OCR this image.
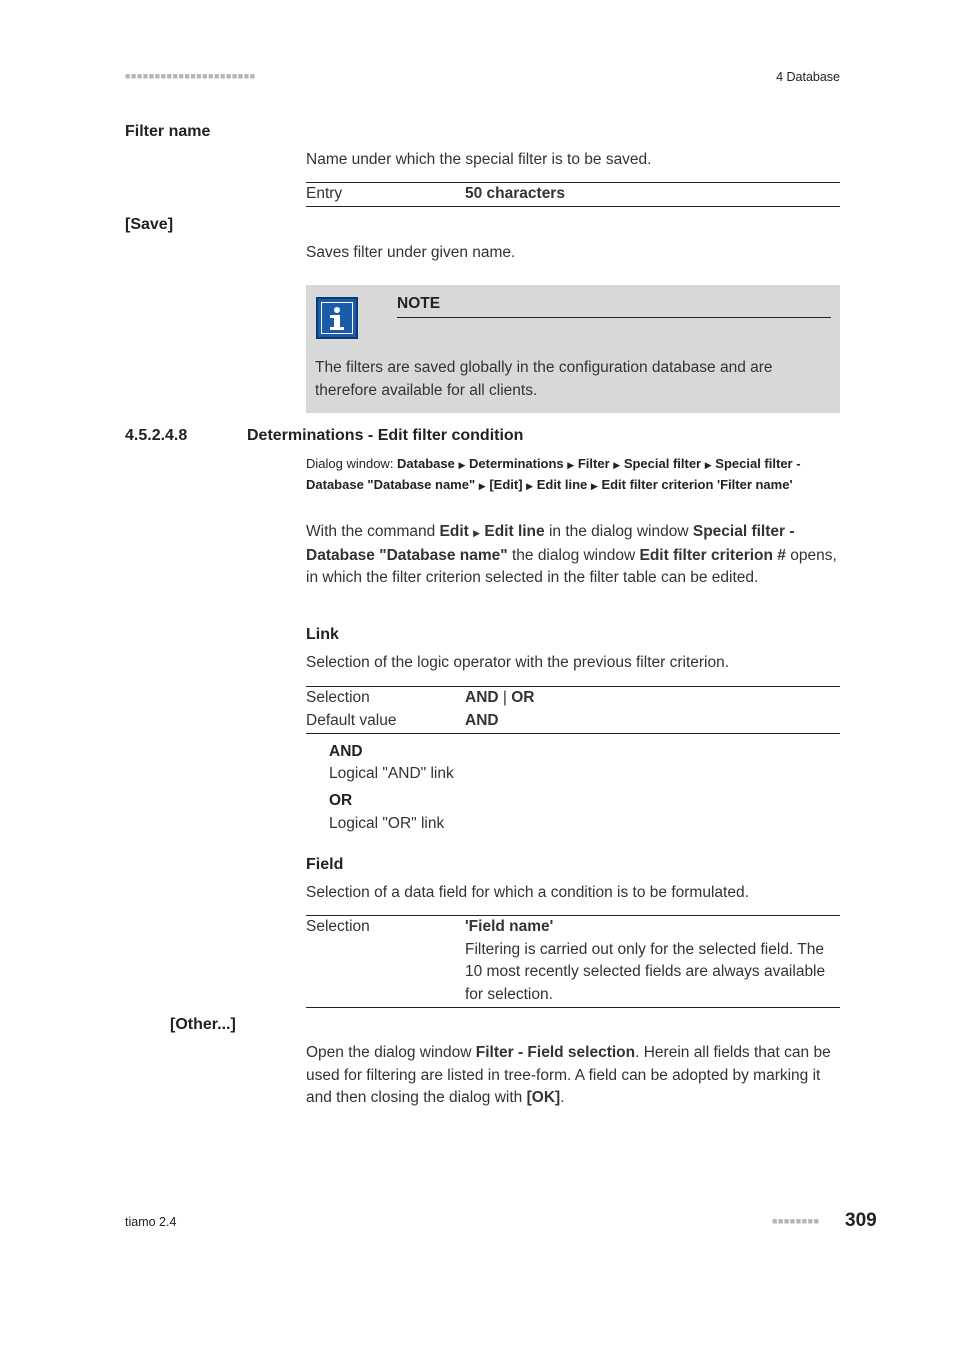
■■■■■■■■■■■■■■■■■■■■■■	4 Database
Filter name
Name under which the special filter is to be saved.
Entry	50 characters
[Save]
Saves filter under given name.
NOTE
The filters are saved globally in the configuration database and are therefore available for all clients.
4.5.2.4.8	Determinations - Edit filter condition
Dialog window: Database ▶ Determinations ▶ Filter ▶ Special filter ▶ Special filter - Database "Database name" ▶ [Edit] ▶ Edit line ▶ Edit filter criterion 'Filter name'
With the command Edit ▶ Edit line in the dialog window Special filter - Database "Database name" the dialog window Edit filter criterion # opens, in which the filter criterion selected in the filter table can be edited.
Link
Selection of the logic operator with the previous filter criterion.
Selection	AND | OR
Default value	AND
AND
Logical "AND" link
OR
Logical "OR" link
Field
Selection of a data field for which a condition is to be formulated.
Selection	'Field name'
Filtering is carried out only for the selected field. The 10 most recently selected fields are always available for selection.
[Other...]
Open the dialog window Filter - Field selection. Herein all fields that can be used for filtering are listed in tree-form. A field can be adopted by marking it and then closing the dialog with [OK].
tiamo 2.4	■■■■■■■■ 309
